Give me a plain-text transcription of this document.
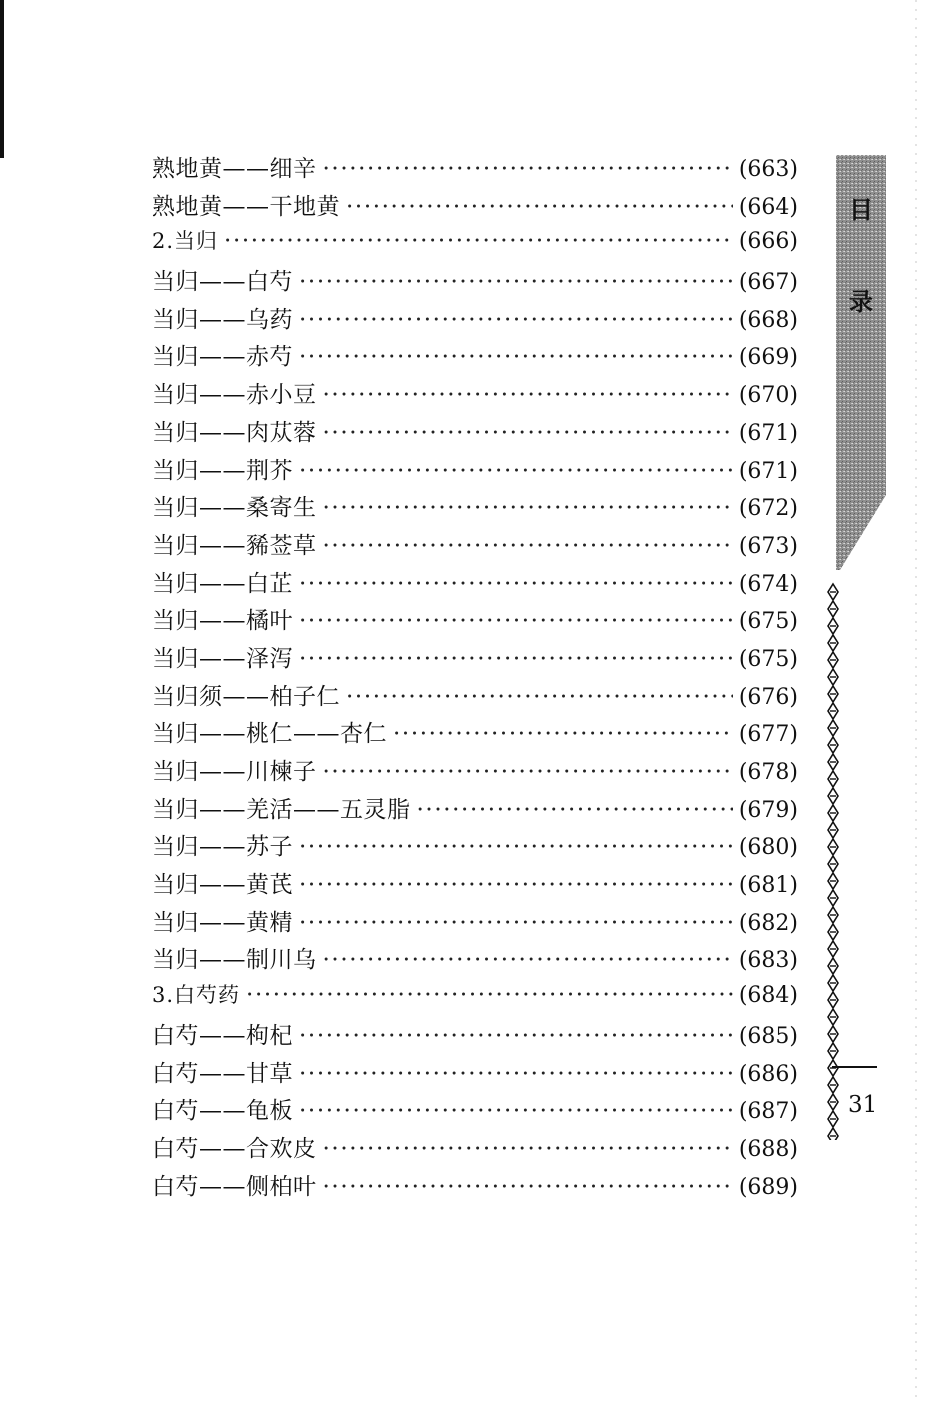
熟地黄——细辛 ·····	(663)
熟地黄——干地黄 ·····	(664)
2.当归 ·····	(666)
当归——白芍 ·····	(667)
当归——乌药 ·····	(668)
当归——赤芍 ·····	(669)
当归——赤小豆 ·····	(670)
当归——肉苁蓉 ·····	(671)
当归——荆芥 ·····	(671)
当归——桑寄生 ·····	(672)
当归——豨莶草 ·····	(673)
当归——白芷 ·····	(674)
当归——橘叶 ·····	(675)
当归——泽泻 ·····	(675)
当归须——柏子仁 ·····	(676)
当归——桃仁——杏仁 ·····	(677)
当归——川楝子 ·····	(678)
当归——羌活——五灵脂 ·····	(679)
当归——苏子 ·····	(680)
当归——黄芪 ·····	(681)
当归——黄精 ·····	(682)
当归——制川乌 ·····	(683)
3.白芍药 ·····	(684)
白芍——枸杞 ·····	(685)
白芍——甘草 ·····	(686)
白芍——龟板 ·····	(687)
白芍——合欢皮 ·····	(688)
白芍——侧柏叶 ·····	(689)
目
录
31
